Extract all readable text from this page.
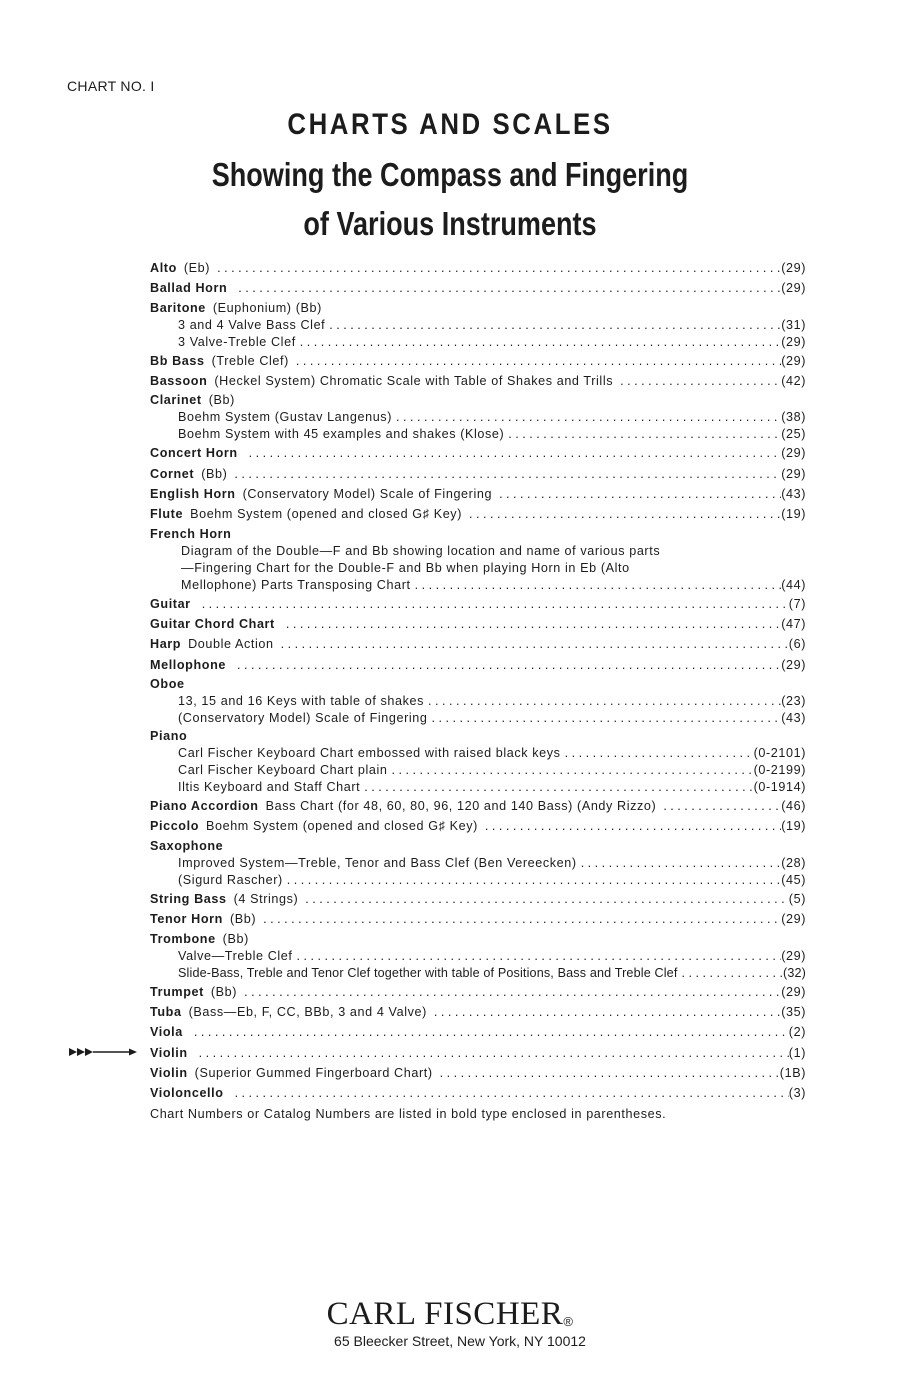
CHART NO. I
CHARTS AND SCALES
Showing the Compass and Fingering
of Various Instruments
Alto (Eb) . . .	(29)
Ballad Horn . . .	(29)
Baritone (Euphonium) (Bb)
3 and 4 Valve Bass Clef . . .	(31)
3 Valve-Treble Clef . . .	(29)
Bb Bass (Treble Clef) . . .	(29)
Bassoon (Heckel System) Chromatic Scale with Table of Shakes and Trills . . .	(42)
Clarinet (Bb)
Boehm System (Gustav Langenus) . . .	(38)
Boehm System with 45 examples and shakes (Klose) . . .	(25)
Concert Horn . . .	(29)
Cornet (Bb) . . .	(29)
English Horn (Conservatory Model) Scale of Fingering . . .	(43)
Flute Boehm System (opened and closed G♯ Key) . . .	(19)
French Horn
Diagram of the Double—F and Bb showing location and name of various parts
—Fingering Chart for the Double-F and Bb when playing Horn in Eb (Alto
Mellophone) Parts Transposing Chart . . .	(44)
Guitar . . .	(7)
Guitar Chord Chart . . .	(47)
Harp Double Action . . .	(6)
Mellophone . . .	(29)
Oboe
13, 15 and 16 Keys with table of shakes . . .	(23)
(Conservatory Model) Scale of Fingering . . .	(43)
Piano
Carl Fischer Keyboard Chart embossed with raised black keys . . .	(0-2101)
Carl Fischer Keyboard Chart plain . . .	(0-2199)
Iltis Keyboard and Staff Chart . . .	(0-1914)
Piano Accordion Bass Chart (for 48, 60, 80, 96, 120 and 140 Bass) (Andy Rizzo) . . .	(46)
Piccolo Boehm System (opened and closed G♯ Key) . . .	(19)
Saxophone
Improved System—Treble, Tenor and Bass Clef (Ben Vereecken) . . .	(28)
(Sigurd Rascher) . . .	(45)
String Bass (4 Strings) . . .	(5)
Tenor Horn (Bb) . . .	(29)
Trombone (Bb)
Valve—Treble Clef . . .	(29)
Slide-Bass, Treble and Tenor Clef together with table of Positions, Bass and Treble Clef . . .	(32)
Trumpet (Bb) . . .	(29)
Tuba (Bass—Eb, F, CC, BBb, 3 and 4 Valve) . . .	(35)
Viola . . .	(2)
Violin . . .	(1)
Violin (Superior Gummed Fingerboard Chart) . . .	(1B)
Violoncello . . .	(3)
Chart Numbers or Catalog Numbers are listed in bold type enclosed in parentheses.
CARL FISCHER®
65 Bleecker Street, New York, NY 10012
